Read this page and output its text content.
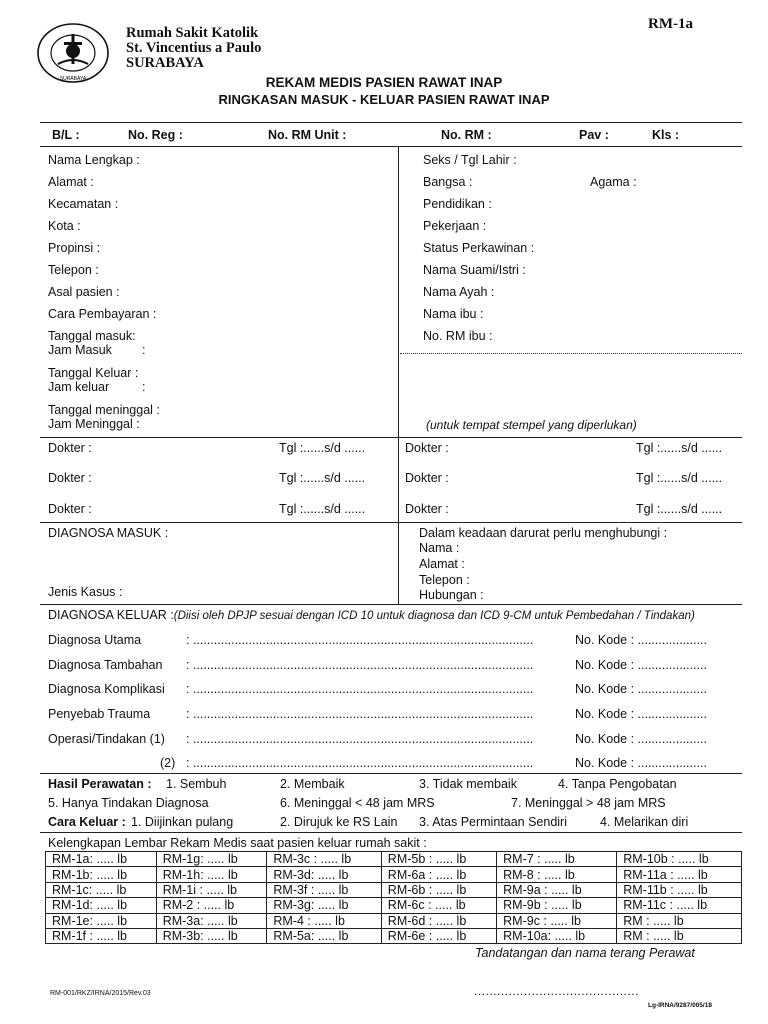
SURABAYA
Rumah Sakit Katolik
St. Vincentius a Paulo
SURABAYA
RM-1a
REKAM MEDIS PASIEN RAWAT INAP
RINGKASAN MASUK - KELUAR PASIEN RAWAT INAP
B/L :	No. Reg :	No. RM Unit :	No. RM :	Pav :	Kls :
Nama Lengkap :
Alamat :
Kecamatan :
Kota :
Propinsi :
Telepon :
Asal pasien :
Cara Pembayaran :
Seks / Tgl Lahir :
Bangsa :	Agama :
Pendidikan :
Pekerjaan :
Status Perkawinan :
Nama Suami/Istri :
Nama Ayah :
Nama ibu :
No. RM ibu :
Tanggal masuk:
Jam Masuk :
Tanggal Keluar :
Jam keluar	:
Tanggal meninggal :
Jam Meninggal :	(untuk tempat stempel yang diperlukan)
Dokter :	Tgl :......s/d ......	Dokter :	Tgl :......s/d ......
Dokter :	Tgl :......s/d ......	Dokter :	Tgl :......s/d ......
Dokter :	Tgl :......s/d ......	Dokter :	Tgl :......s/d ......
DIAGNOSA MASUK :
Jenis Kasus :
Dalam keadaan darurat perlu menghubungi :
Nama :
Alamat :
Telepon :
Hubungan :
DIAGNOSA KELUAR :(Diisi oleh DPJP sesuai dengan ICD 10 untuk diagnosa dan ICD 9-CM untuk Pembedahan / Tindakan)
Diagnosa Utama	: ..................................................................................................	No. Kode : ....................
Diagnosa Tambahan : ..................................................................................................	No. Kode : ....................
Diagnosa Komplikasi : ..................................................................................................	No. Kode : ....................
Penyebab Trauma	: ..................................................................................................	No. Kode : ....................
Operasi/Tindakan (1) : ..................................................................................................	No. Kode : ....................
(2) : ..................................................................................................	No. Kode : ....................
Hasil Perawatan : 1. Sembuh	2. Membaik	3. Tidak membaik	4. Tanpa Pengobatan
5. Hanya Tindakan Diagnosa	6. Meninggal < 48 jam MRS	7. Meninggal > 48 jam MRS
Cara Keluar : 1. Diijinkan pulang	2. Dirujuk ke RS Lain 3. Atas Permintaan Sendiri	4. Melarikan diri
Kelengkapan Lembar Rekam Medis saat pasien keluar rumah sakit :
RM-1a: ..... lb	RM-1g: ..... lb	RM-3c : ..... lb	RM-5b : ..... lb	RM-7 : ..... lb	RM-10b : ..... lb
RM-1b: ..... lb	RM-1h: ..... lb	RM-3d: ..... lb	RM-6a : ..... lb	RM-8 : ..... lb	RM-11a : ..... lb
RM-1c: ..... lb	RM-1i : ..... lb	RM-3f : ..... lb	RM-6b : ..... lb	RM-9a : ..... lb	RM-11b : ..... lb
RM-1d: ..... lb	RM-2 : ..... lb	RM-3g: ..... lb	RM-6c : ..... lb	RM-9b : ..... lb	RM-11c : ..... lb
RM-1e: ..... lb	RM-3a: ..... lb	RM-4 : ..... lb	RM-6d : ..... lb	RM-9c : ..... lb	RM : ..... lb
RM-1f : ..... lb	RM-3b: ..... lb	RM-5a: ..... lb	RM-6e : ..... lb	RM-10a: ..... lb	RM : ..... lb
Tandatangan dan nama terang Perawat
...........................................
RM-001/RKZ/IRNA/2015/Rev.03
Lg-IRNA/9287/005/18
